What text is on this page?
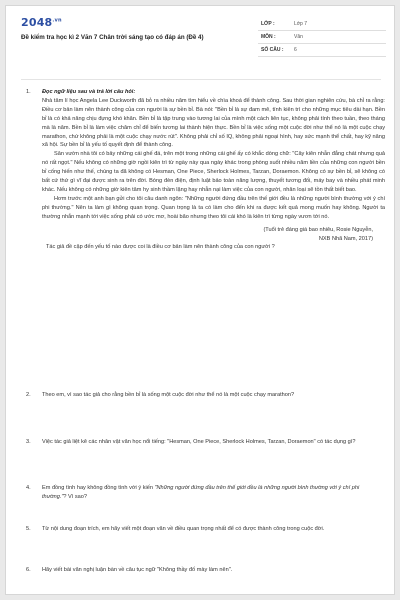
$2048^{.vn}$
Đề kiểm tra học kì 2 Văn 7 Chân trời sáng tạo có đáp án (Đề 4)
LỚP :	Lớp 7
MÔN :	Văn
SỐ CÂU : 6
1.	Đọc ngữ liệu sau và trả lời câu hỏi:
Nhà tâm lí học Angela Lee Duckworth đã bỏ ra nhiều năm tìm hiểu về chìa khoá để thành công. Sau thời gian nghiên cứu, bà chỉ ra rằng: Điều cơ bản làm nên thành công của con người là sự bền bỉ. Bà nói: "Bền bỉ là sự đam mê, tính kiên trì cho những mục tiêu dài hạn. Bền bỉ là có khả năng chịu đựng khó khăn. Bền bỉ là tập trung vào tương lai của mình một cách liên tục, không phải tính theo tuần, theo tháng mà là năm. Bền bỉ là làm việc chăm chỉ để biến tương lai thành hiện thực. Bền bỉ là việc sống một cuộc đời như thể nó là một cuộc chạy marathon, chứ không phải là một cuộc chạy nước rút". Không phải chỉ số IQ, không phải ngoại hình, hay sức mạnh thể chất, hay kỹ năng xã hội. Sự bền bỉ là yếu tố quyết định để thành công.
Sân vườn nhà tôi có bảy những cái ghế đá, trên một trong những cái ghế ấy có khắc dòng chữ: "Cây kiên nhẫn đắng chát nhưng quả nó rất ngọt." Nếu không có những giờ ngồi kiên trì từ ngày này qua ngày khác trong phòng suốt nhiều năm liền của những con người bền bỉ cống hiến như thế, chúng ta đã không có Hesman, One Piece, Sherlock Holmes, Tarzan, Doraemon. Không có sự bền bỉ, sẽ không có bất cứ thứ gì vĩ đại được sinh ra trên đời. Bóng đèn điện, định luật bảo toàn năng lượng, thuyết tương đối, máy bay và nhiều phát minh khác. Nếu không có những giờ kiên tâm hy sinh thầm lặng hay nhẫn nại làm việc của con người, nhân loại sẽ tồn thất biết bao.
Hơm trước một anh bạn gửi cho tôi câu danh ngôn: "Những người đứng đầu trên thế giới đều là những người bình thường với ý chí phi thường." Nên ta làm gì không quan trọng. Quan trọng là ta có làm cho đến khi ra được kết quả mong muốn hay không. Người ta thường nhắn mạnh tới việc sống phải có ước mơ, hoài bão nhưng theo tôi cái khó là kiên trì từng ngày vươn tới nó.
(Tuổi trẻ đáng giá bao nhiêu, Rosie Nguyễn,
NXB Nhã Nam, 2017)
Tác giả đề cập đến yếu tố nào được coi là điều cơ bản làm nên thành công của con người ?
2.	Theo em, vì sao tác giả cho rằng bền bỉ là sống một cuộc đời như thể nó là một cuộc chạy marathon?
3.	Việc tác giả liệt kê các nhân vật văn học nổi tiếng: "Hesman, One Piece, Sherlock Holmes, Tarzan, Doraemon" có tác dụng gì?
4.	Em đồng tình hay không đồng tình với ý kiến "Những người đứng đầu trên thế giới đều là những người bình thường với ý chí phi thường."? Vì sao?
5.	Từ nội dung đoạn trích, em hãy viết một đoạn văn về điều quan trọng nhất để có được thành công trong cuộc đời.
6.	Hãy viết bài văn nghị luận bàn về câu tục ngữ "Không thầy đố mày làm nên".
